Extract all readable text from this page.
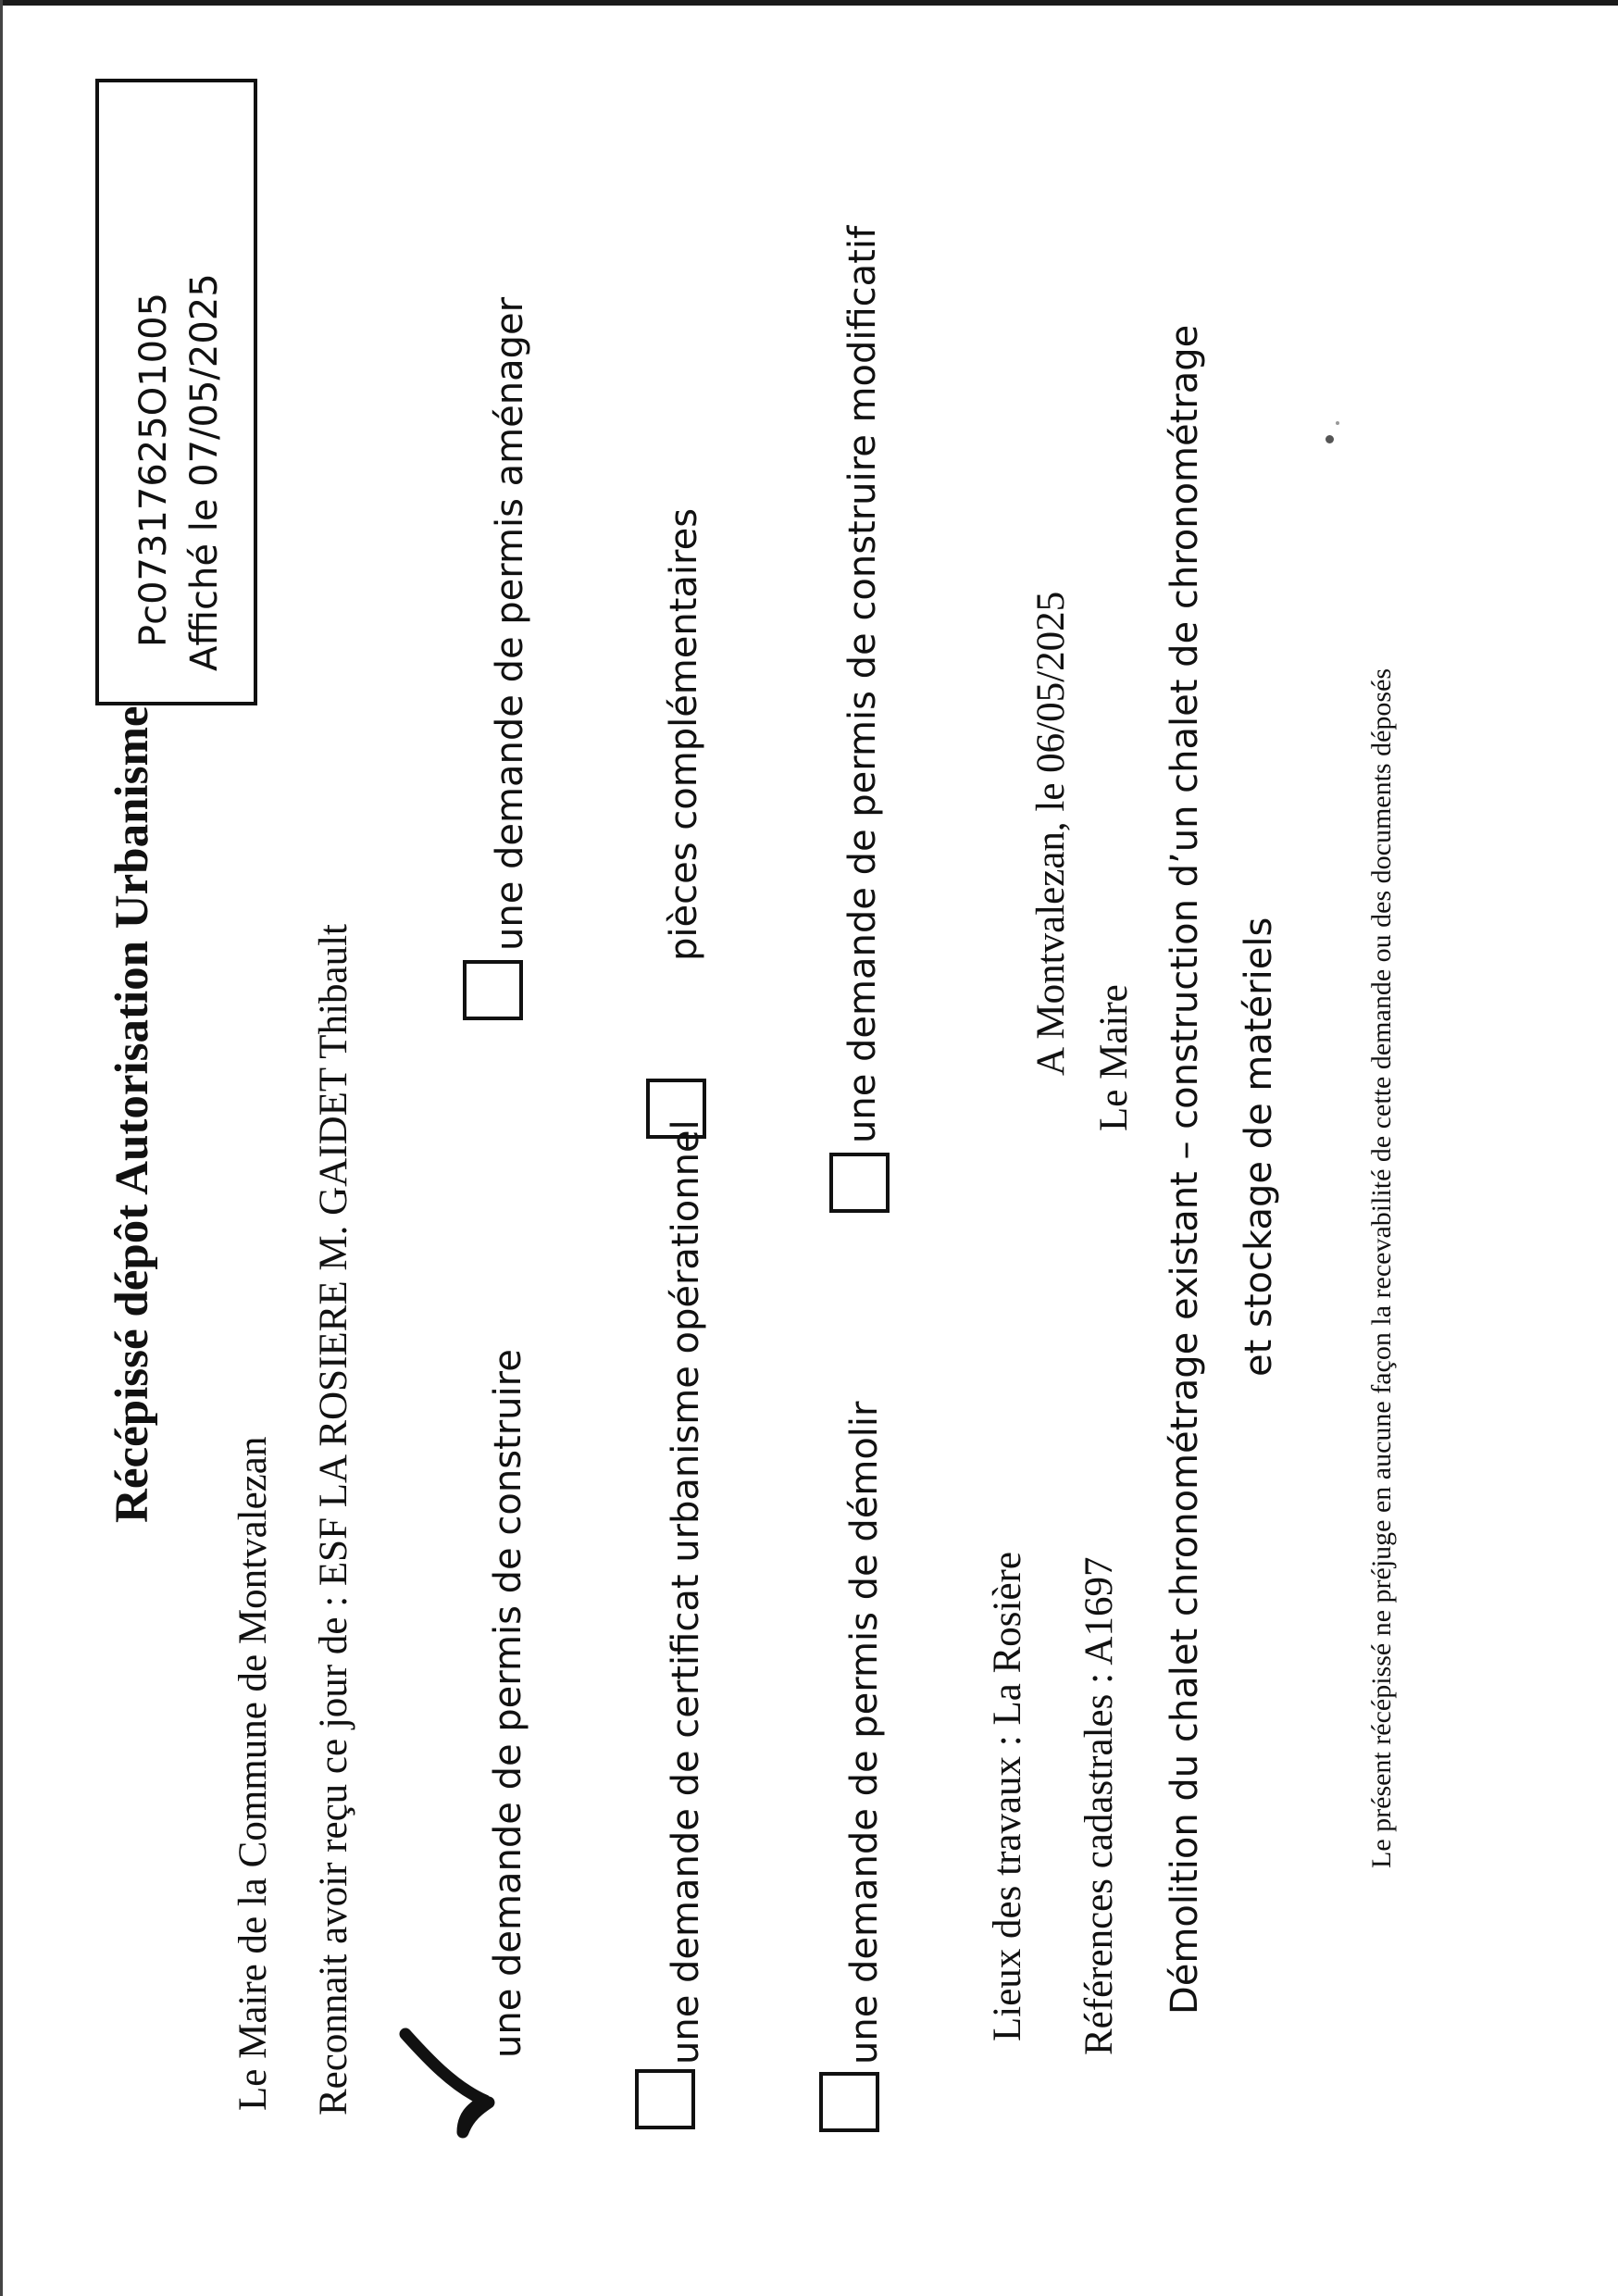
Récépissé dépôt Autorisation Urbanisme
Pc07317625O1005 Affiché le 07/05/2025
Le Maire de la Commune de Montvalezan Reconnait avoir reçu ce jour de : ESF LA ROSIERE M. GAIDET Thibault	une demande de permis de construire
une demande de permis aménager
une demande de certificat urbanisme opérationnel
pièces complémentaires
une demande de permis de démolir
une demande de permis de construire modificatif
Lieux des travaux : La Rosière
A Montvalezan, le 06/05/2025
Références cadastrales : A1697
Le Maire Démolition du chalet chronométrage existant – construction d’un chalet de chronométrage et stockage de matériels	Le présent récépissé ne préjuge en aucune façon la recevabilité de cette demande ou des documents déposés
